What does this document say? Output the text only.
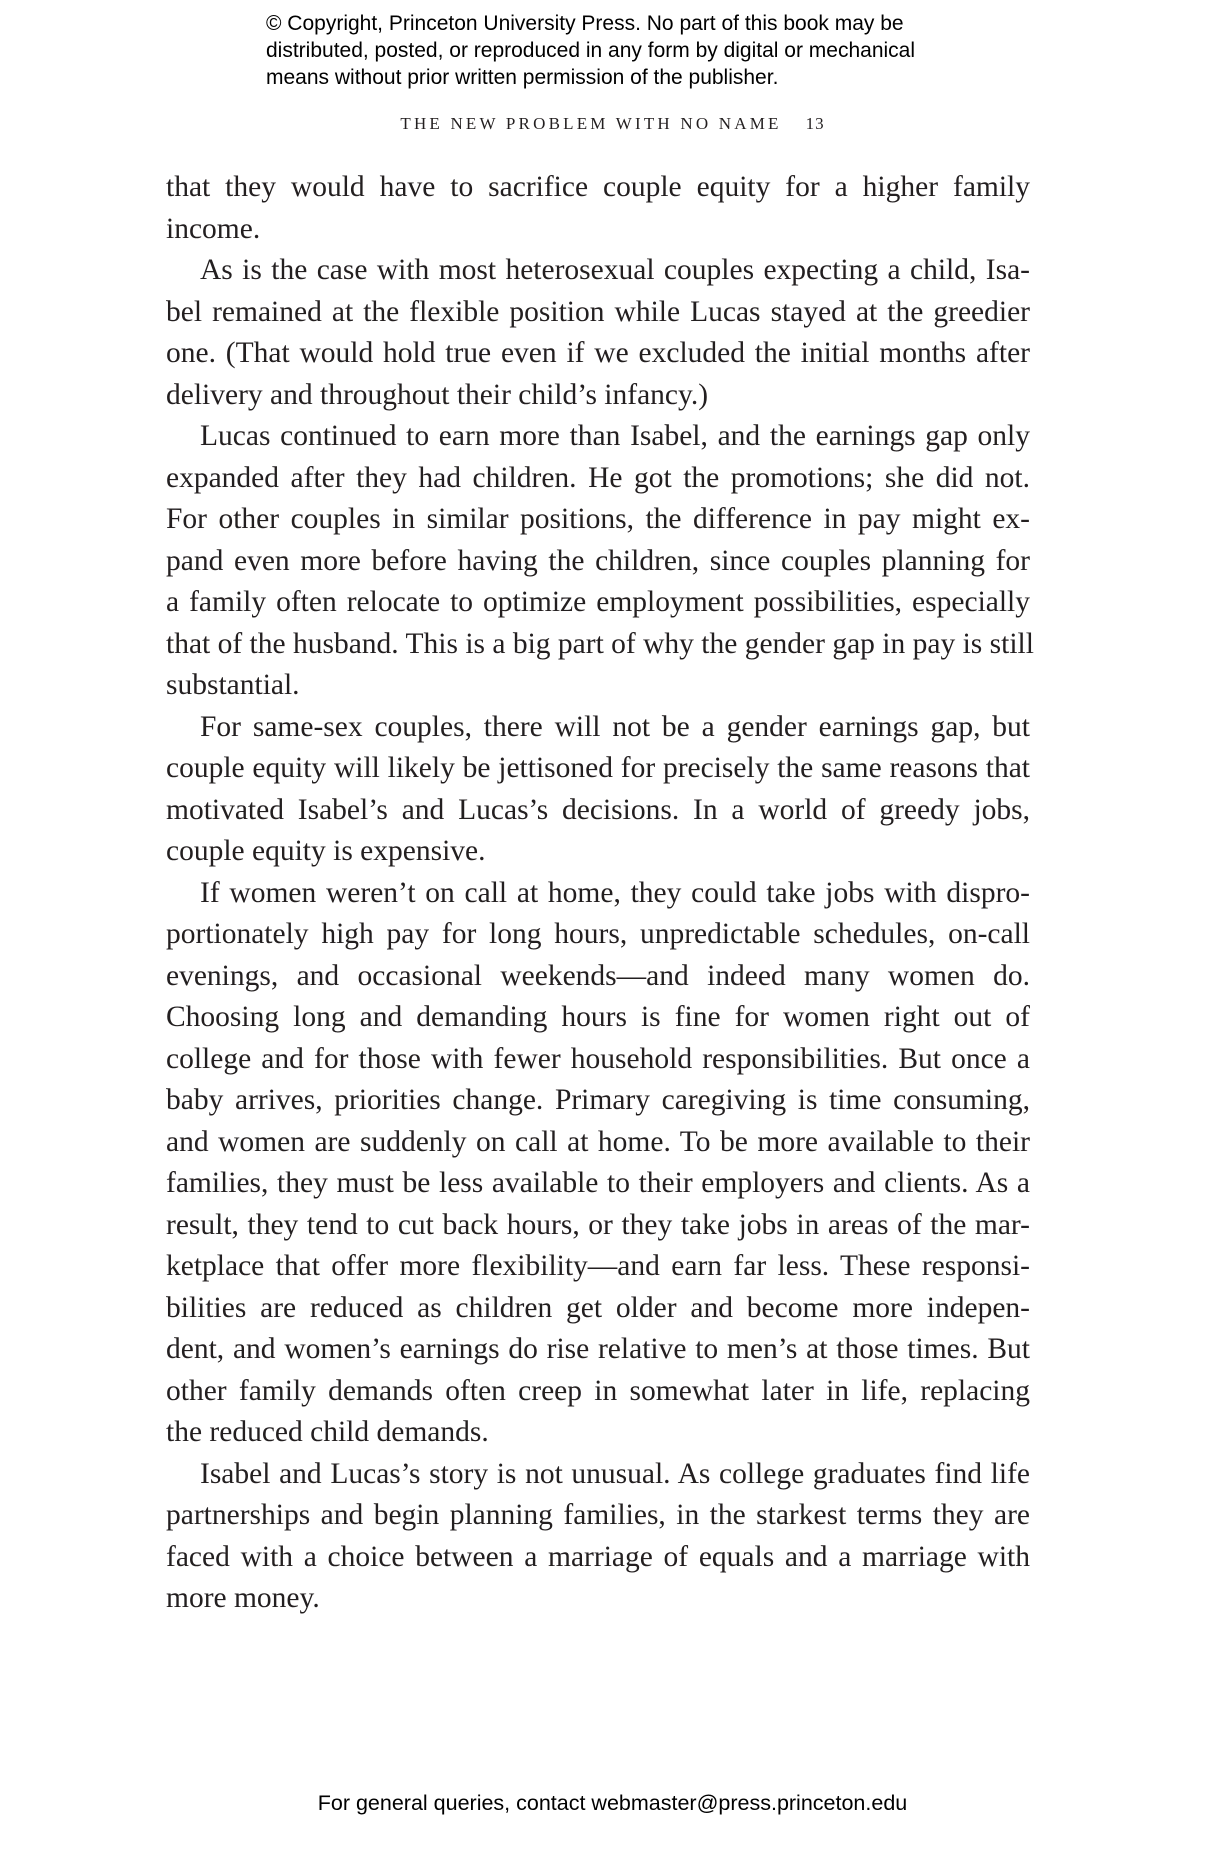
© Copyright, Princeton University Press. No part of this book may be
distributed, posted, or reproduced in any form by digital or mechanical
means without prior written permission of the publisher.
THE NEW PROBLEM WITH NO NAME 13
that they would have to sacrifice couple equity for a higher family
income.
As is the case with most heterosexual couples expecting a child, Isa-
bel remained at the flexible position while Lucas stayed at the greedier
one. (That would hold true even if we excluded the initial months after
delivery and throughout their child’s infancy.)
Lucas continued to earn more than Isabel, and the earnings gap only
expanded after they had children. He got the promotions; she did not.
For other couples in similar positions, the difference in pay might ex-
pand even more before having the children, since couples planning for
a family often relocate to optimize employment possibilities, especially
that of the husband. This is a big part of why the gender gap in pay is still
substantial.
For same-sex couples, there will not be a gender earnings gap, but
couple equity will likely be jettisoned for precisely the same reasons that
motivated Isabel’s and Lucas’s decisions. In a world of greedy jobs,
couple equity is expensive.
If women weren’t on call at home, they could take jobs with dispro-
portionately high pay for long hours, unpredictable schedules, on-call
evenings, and occasional weekends—and indeed many women do.
Choosing long and demanding hours is fine for women right out of
college and for those with fewer household responsibilities. But once a
baby arrives, priorities change. Primary caregiving is time consuming,
and women are suddenly on call at home. To be more available to their
families, they must be less available to their employers and clients. As a
result, they tend to cut back hours, or they take jobs in areas of the mar-
ketplace that offer more flexibility—and earn far less. These responsi-
bilities are reduced as children get older and become more indepen-
dent, and women’s earnings do rise relative to men’s at those times. But
other family demands often creep in somewhat later in life, replacing
the reduced child demands.
Isabel and Lucas’s story is not unusual. As college graduates find life
partnerships and begin planning families, in the starkest terms they are
faced with a choice between a marriage of equals and a marriage with
more money.
For general queries, contact webmaster@press.princeton.edu
